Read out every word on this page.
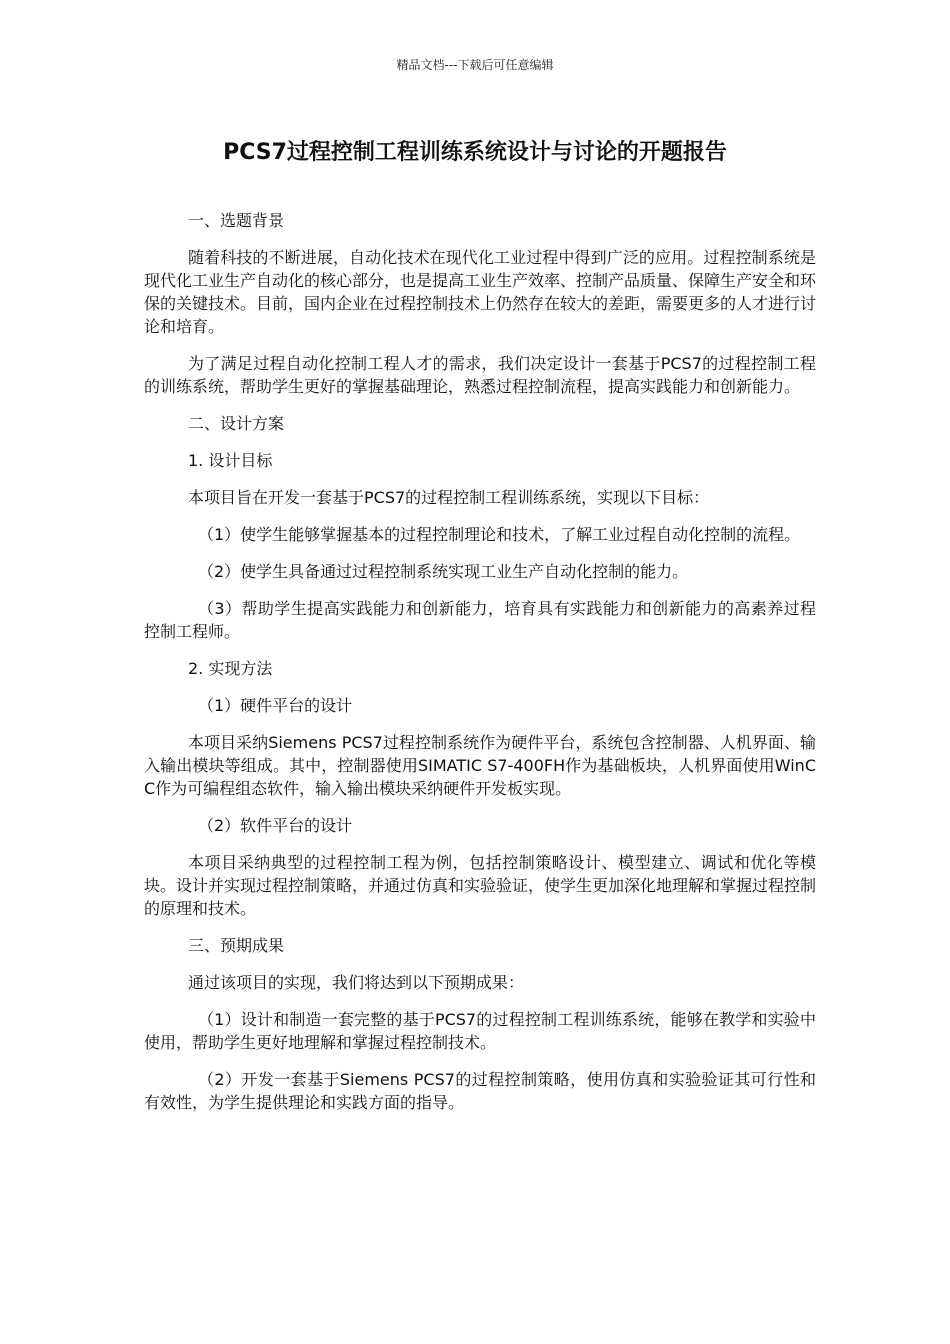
精品文档---下载后可任意编辑
PCS7过程控制工程训练系统设计与讨论的开题报告

一、选题背景

随着科技的不断进展，自动化技术在现代化工业过程中得到广泛的应用。过程控制系统是现代化工业生产自动化的核心部分，也是提高工业生产效率、控制产品质量、保障生产安全和环保的关键技术。目前，国内企业在过程控制技术上仍然存在较大的差距，需要更多的人才进行讨论和培育。

为了满足过程自动化控制工程人才的需求，我们决定设计一套基于PCS7的过程控制工程的训练系统，帮助学生更好的掌握基础理论，熟悉过程控制流程，提高实践能力和创新能力。

二、设计方案

1. 设计目标

本项目旨在开发一套基于PCS7的过程控制工程训练系统，实现以下目标：

（1）使学生能够掌握基本的过程控制理论和技术，了解工业过程自动化控制的流程。

（2）使学生具备通过过程控制系统实现工业生产自动化控制的能力。

（3）帮助学生提高实践能力和创新能力，培育具有实践能力和创新能力的高素养过程控制工程师。

2. 实现方法

（1）硬件平台的设计

本项目采纳Siemens PCS7过程控制系统作为硬件平台，系统包含控制器、人机界面、输入输出模块等组成。其中，控制器使用SIMATIC S7-400FH作为基础板块，人机界面使用WinCC作为可编程组态软件，输入输出模块采纳硬件开发板实现。

（2）软件平台的设计

本项目采纳典型的过程控制工程为例，包括控制策略设计、模型建立、调试和优化等模块。设计并实现过程控制策略，并通过仿真和实验验证，使学生更加深化地理解和掌握过程控制的原理和技术。

三、预期成果

通过该项目的实现，我们将达到以下预期成果：

（1）设计和制造一套完整的基于PCS7的过程控制工程训练系统，能够在教学和实验中使用，帮助学生更好地理解和掌握过程控制技术。

（2）开发一套基于Siemens PCS7的过程控制策略，使用仿真和实验验证其可行性和有效性，为学生提供理论和实践方面的指导。
